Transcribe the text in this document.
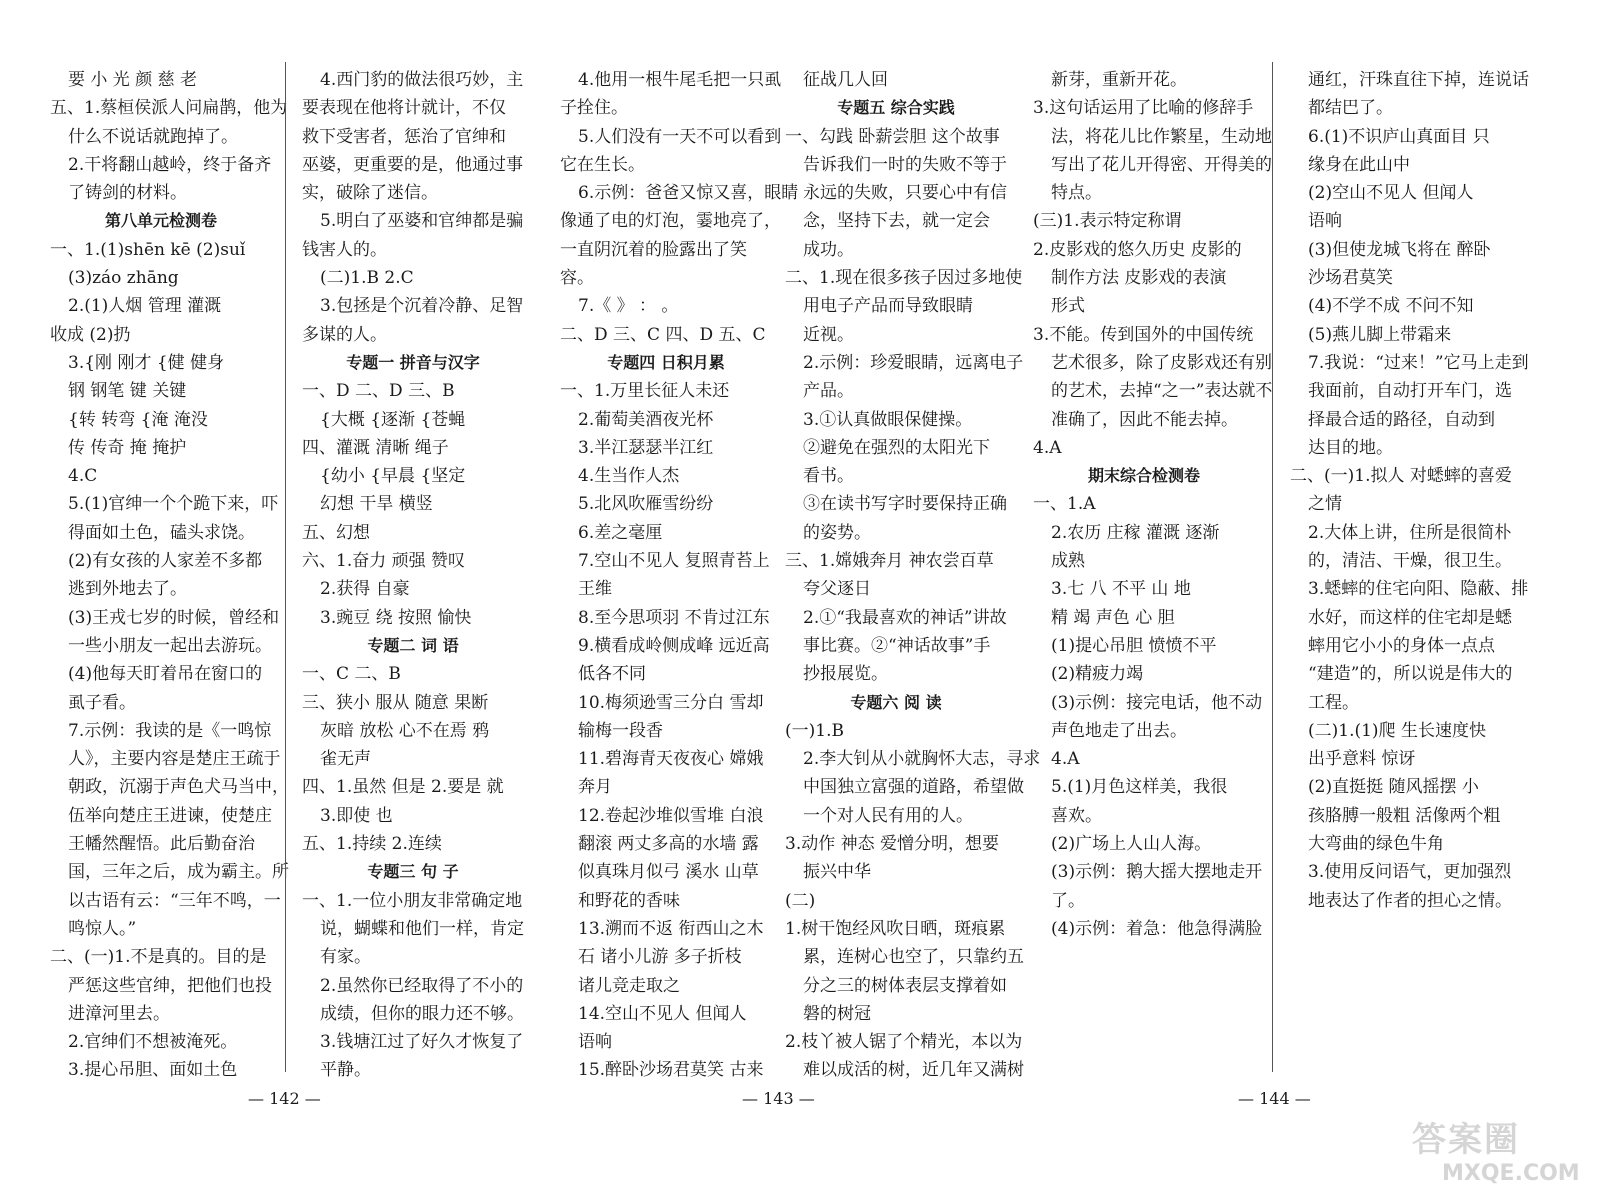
要 小 光 颜 慈 老

五、1.蔡桓侯派人问扁鹊，他为

什么不说话就跑掉了。

2.干将翻山越岭，终于备齐

了铸剑的材料。

第八单元检测卷

一、1.(1)shēn kē (2)suǐ

(3)záo zhāng

2.(1)人烟 管理 灌溉

收成 (2)扔

3.{刚 刚才 {健 健身

钢 钢笔 键 关键

{转 转弯 {淹 淹没

传 传奇 掩 掩护

4.C

5.(1)官绅一个个跪下来，吓

得面如土色，磕头求饶。

(2)有女孩的人家差不多都

逃到外地去了。

(3)王戎七岁的时候，曾经和

一些小朋友一起出去游玩。

(4)他每天盯着吊在窗口的

虱子看。

7.示例：我读的是《一鸣惊

人》，主要内容是楚庄王疏于

朝政，沉溺于声色犬马当中，

伍举向楚庄王进谏，使楚庄

王幡然醒悟。此后勤奋治

国，三年之后，成为霸主。所

以古语有云：“三年不鸣，一

鸣惊人。”

二、(一)1.不是真的。目的是

严惩这些官绅，把他们也投

进漳河里去。

2.官绅们不想被淹死。

3.提心吊胆、面如土色

4.西门豹的做法很巧妙，主

要表现在他将计就计，不仅

救下受害者，惩治了官绅和

巫婆，更重要的是，他通过事

实，破除了迷信。

5.明白了巫婆和官绅都是骗

钱害人的。

(二)1.B 2.C

3.包拯是个沉着冷静、足智

多谋的人。

专题一 拼音与汉字

一、D 二、D 三、B

{大概 {逐渐 {苍蝇

四、灌溉 清晰 绳子

{幼小 {早晨 {坚定

幻想 干旱 横竖

五、幻想

六、1.奋力 顽强 赞叹

2.获得 自豪

3.豌豆 绕 按照 愉快

专题二 词 语

一、C 二、B

三、狭小 服从 随意 果断

灰暗 放松 心不在焉 鸦

雀无声

四、1.虽然 但是 2.要是 就

3.即使 也

五、1.持续 2.连续

专题三 句 子

一、1.一位小朋友非常确定地

说，蝴蝶和他们一样，肯定

有家。

2.虽然你已经取得了不小的

成绩，但你的眼力还不够。

3.钱塘江过了好久才恢复了

平静。

4.他用一根牛尾毛把一只虱

子拴住。

5.人们没有一天不可以看到

它在生长。

6.示例：爸爸又惊又喜，眼睛

像通了电的灯泡，霎地亮了，

一直阴沉着的脸露出了笑

容。

7.《 》 ： 。

二、D 三、C 四、D 五、C

专题四 日积月累

一、1.万里长征人未还

2.葡萄美酒夜光杯

3.半江瑟瑟半江红

4.生当作人杰

5.北风吹雁雪纷纷

6.差之毫厘

7.空山不见人 复照青苔上

王维

8.至今思项羽 不肯过江东

9.横看成岭侧成峰 远近高

低各不同

10.梅须逊雪三分白 雪却

输梅一段香

11.碧海青天夜夜心 嫦娥

奔月

12.卷起沙堆似雪堆 白浪

翻滚 两丈多高的水墙 露

似真珠月似弓 溪水 山草

和野花的香味

13.溯而不返 衔西山之木

石 诸小儿游 多子折枝

诸儿竞走取之

14.空山不见人 但闻人

语响

15.醉卧沙场君莫笑 古来

征战几人回

专题五 综合实践

一、勾践 卧薪尝胆 这个故事

告诉我们一时的失败不等于

永远的失败，只要心中有信

念，坚持下去，就一定会

成功。

二、1.现在很多孩子因过多地使

用电子产品而导致眼睛

近视。

2.示例：珍爱眼睛，远离电子

产品。

3.①认真做眼保健操。

②避免在强烈的太阳光下

看书。

③在读书写字时要保持正确

的姿势。

三、1.嫦娥奔月 神农尝百草

夸父逐日

2.①“我最喜欢的神话”讲故

事比赛。②“神话故事”手

抄报展览。

专题六 阅 读

(一)1.B

2.李大钊从小就胸怀大志，寻求

中国独立富强的道路，希望做

一个对人民有用的人。

3.动作 神态 爱憎分明，想要

振兴中华

(二)

1.树干饱经风吹日晒，斑痕累

累，连树心也空了，只靠约五

分之三的树体表层支撑着如

磐的树冠

2.枝丫被人锯了个精光，本以为

难以成活的树，近几年又满树

新芽，重新开花。

3.这句话运用了比喻的修辞手

法，将花儿比作繁星，生动地

写出了花儿开得密、开得美的

特点。

(三)1.表示特定称谓

2.皮影戏的悠久历史 皮影的

制作方法 皮影戏的表演

形式

3.不能。传到国外的中国传统

艺术很多，除了皮影戏还有别

的艺术，去掉“之一”表达就不

准确了，因此不能去掉。

4.A

期末综合检测卷

一、1.A

2.农历 庄稼 灌溉 逐渐

成熟

3.七 八 不平 山 地

精 竭 声色 心 胆

(1)提心吊胆 愤愤不平

(2)精疲力竭

(3)示例：接完电话，他不动

声色地走了出去。

4.A

5.(1)月色这样美，我很

喜欢。

(2)广场上人山人海。

(3)示例：鹅大摇大摆地走开

了。

(4)示例：着急：他急得满脸

通红，汗珠直往下掉，连说话

都结巴了。

6.(1)不识庐山真面目 只

缘身在此山中

(2)空山不见人 但闻人

语响

(3)但使龙城飞将在 醉卧

沙场君莫笑

(4)不学不成 不问不知

(5)燕儿脚上带霜来

7.我说：“过来！”它马上走到

我面前，自动打开车门，选

择最合适的路径，自动到

达目的地。

二、(一)1.拟人 对蟋蟀的喜爱

之情

2.大体上讲，住所是很简朴

的，清洁、干燥，很卫生。

3.蟋蟀的住宅向阳、隐蔽、排

水好，而这样的住宅却是蟋

蟀用它小小的身体一点点

“建造”的，所以说是伟大的

工程。

(二)1.(1)爬 生长速度快

出乎意料 惊讶

(2)直挺挺 随风摇摆 小

孩胳膊一般粗 活像两个粗

大弯曲的绿色牛角

3.使用反问语气，更加强烈

地表达了作者的担心之情。

— 142 —	— 143 —	— 144 —
答案圈 MXQE.COM
